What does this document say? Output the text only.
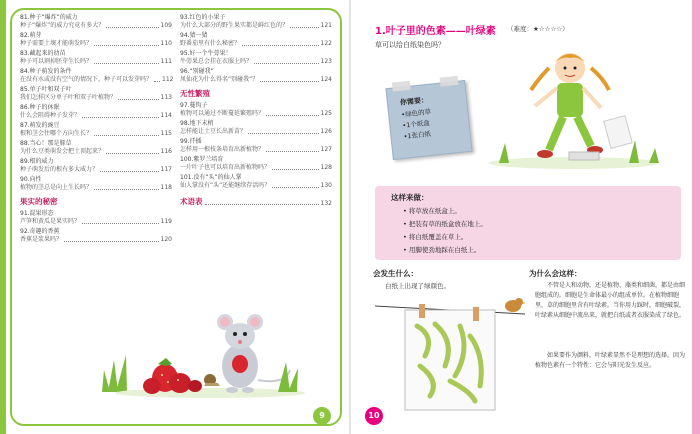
81.种子“爆炸”的威力
种子“爆炸”的威力究竟有多大？	109
82.萌芽
种子需要土壤才能萌发吗？	110
83.藏起来的幼苗
种子可以割掉胚芽生长吗？	111
84.种子萌发的条件
在没有水或没有空气的情况下，种子可以发芽吗？ 112
85.单子叶和双子叶
我们怎样区分单子叶和双子叶植物？	113
86.种子的休眠
什么会阻碍种子发芽？	114
87.萌发的豌豆
根和茎会往哪个方向生长？	115
88.当心！那是豚草
为什么豆类萌发会把土顶起来？	116
89.根的威力
种子萌发后的根有多大威力？	117
90.向性
植物的茎总是向上生长吗？	118
果实的秘密
91.混果形态
芦笋和黄瓜是果实吗？	119
92.奇趣的香蕉
香蕉是浆果吗？	120
93.红色的小果子
为什么大部分的野生果实都是鲜红色的？	121
94.猜一猜
野番茄里有什么秘密？	122
95.好一个牛蒡果！
牛蒡果总会挂在衣服上吗？	123
96.“别碰我”
凤仙花为什么得名“别碰我”？	124
无性繁殖
97.蔓钩子
植物可以通过不断蔓延繁殖吗？	125
98.地下末梢
怎样能让土豆长出新苗？	126
99.扦插
怎样用一根枝条培育出新植物？	127
100.紫罗兰培育
一片叶子也可以培育出新植物吗？	128
101.没有“头”的仙人掌
仙人掌没有“头”还能继续存活吗？	130
术语表	132
9
1.叶子里的色素——叶绿素 （难度：★☆☆☆☆）
草可以给白纸染色吗？
你需要：
•绿色的草
•1个纸盒
•1张白纸
这样来做：
• 将草放在纸盒上。
• 把装有草的纸盒放在地上。
• 将白纸覆盖在草上。
• 用脚使劲地踩在白纸上。
会发生什么：
白纸上出现了绿颜色。
为什么会这样：
不管是人和动物，还是植物、藻类和细菌，都是由细胞组成的。细胞是生命体最小的组成单位。在植物细胞里，草的细胞里含有叶绿素。当你用力踩时，细胞破裂，叶绿素从细胞中流出来，就把白纸或者衣服染成了绿色。
如果要作为颜料，叶绿素显然不是理想的选择。因为植物色素有一个特性：它会与阳光发生反应。
10
